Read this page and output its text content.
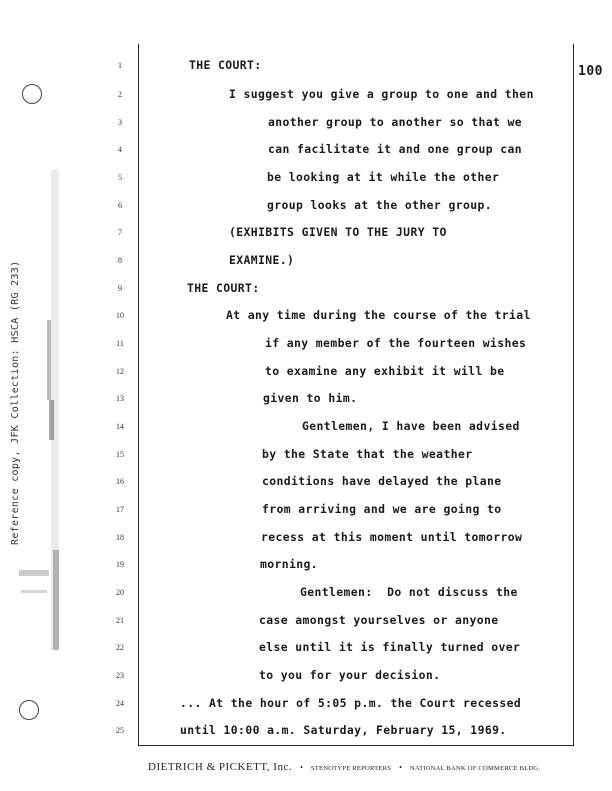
Reference copy, JFK Collection: HSCA (RG 233)
100
1
2
3
4
5
6
7
8
9
10
11
12
13
14
15
16
17
18
19
20
21
22
23
24
25
THE COURT:
I suggest you give a group to one and then
another group to another so that we
can facilitate it and one group can
be looking at it while the other
group looks at the other group.
(EXHIBITS GIVEN TO THE JURY TO
EXAMINE.)
THE COURT:
At any time during the course of the trial
if any member of the fourteen wishes
to examine any exhibit it will be
given to him.
Gentlemen, I have been advised
by the State that the weather
conditions have delayed the plane
from arriving and we are going to
recess at this moment until tomorrow
morning.
Gentlemen:  Do not discuss the
case amongst yourselves or anyone
else until it is finally turned over
to you for your decision.
... At the hour of 5:05 p.m. the Court recessed
until 10:00 a.m. Saturday, February 15, 1969.
DIETRICH & PICKETT, Inc. • STENOTYPE REPORTERS • NATIONAL BANK OF COMMERCE BLDG.
